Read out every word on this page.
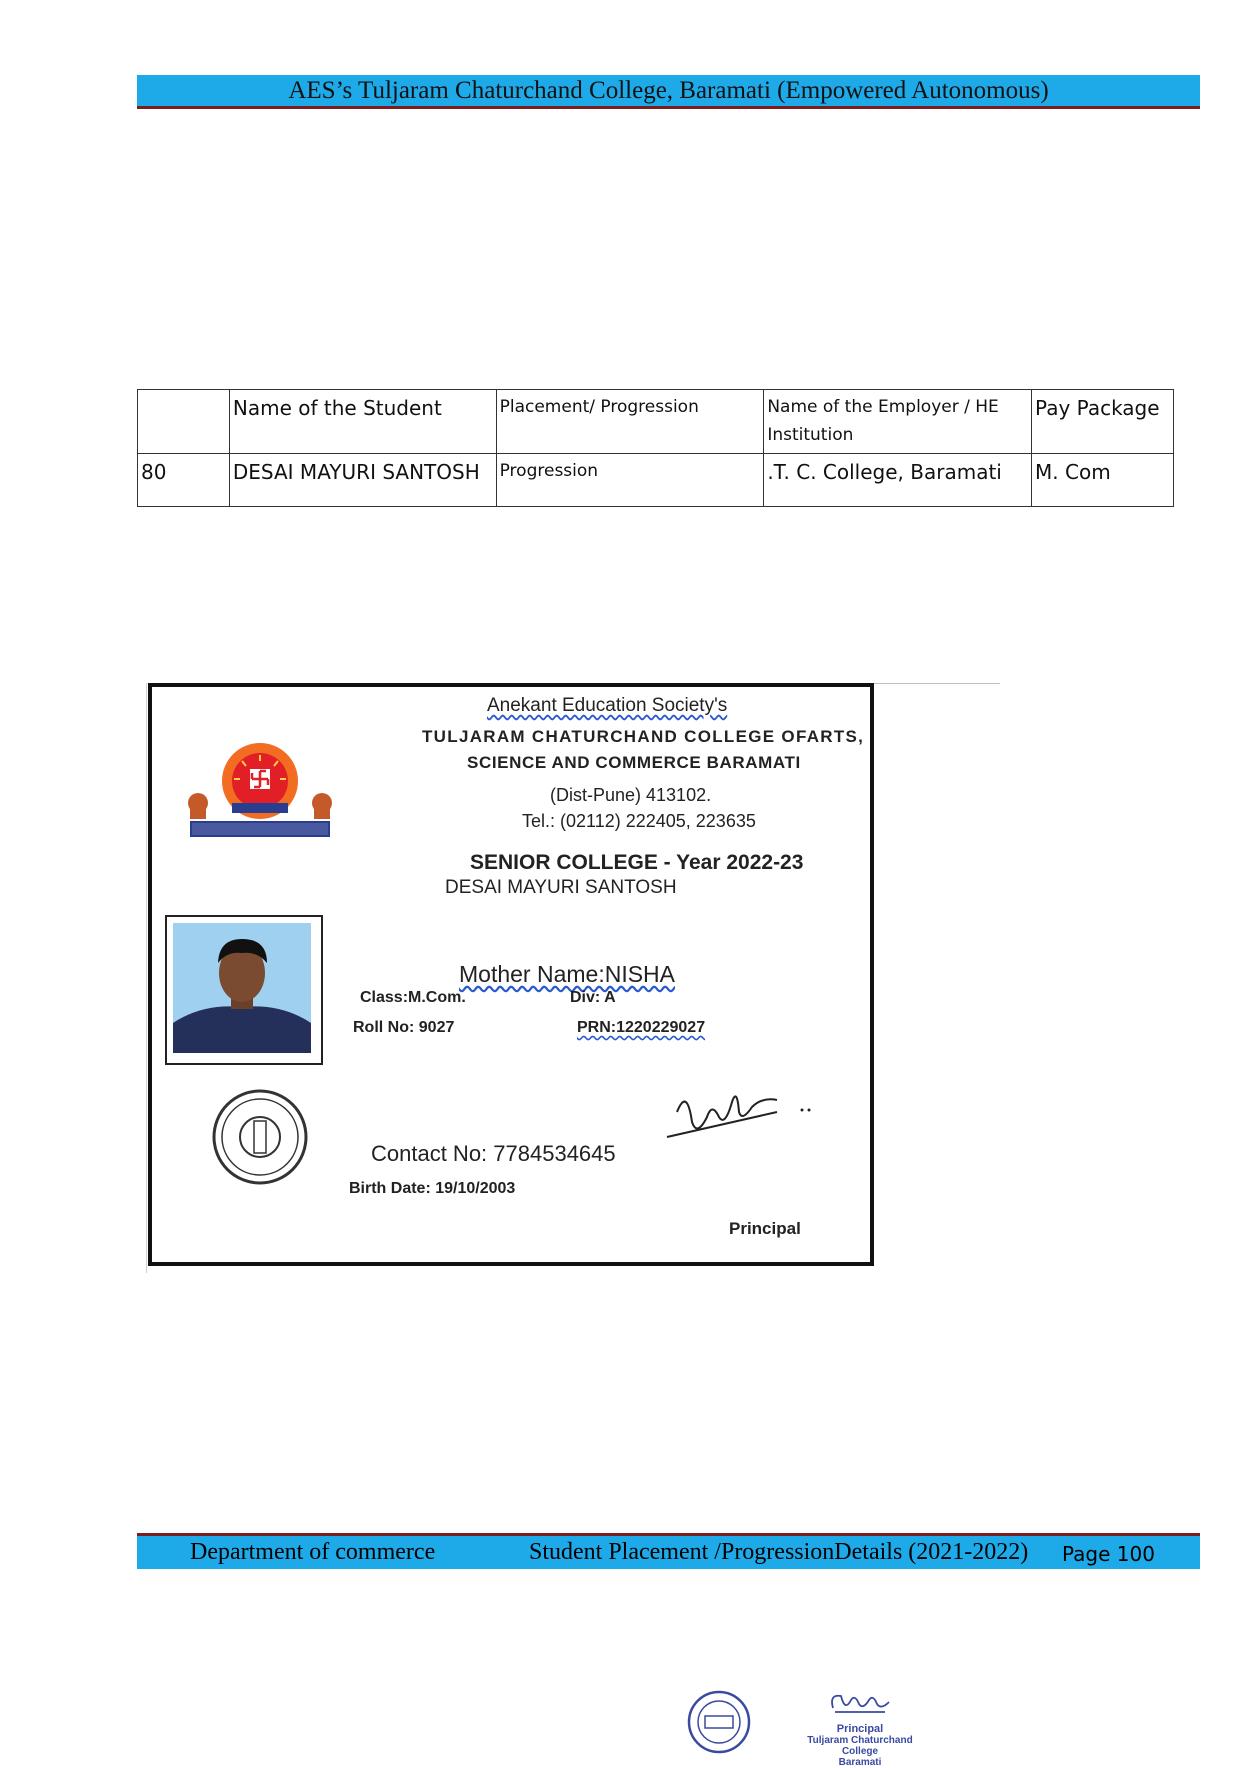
AES’s Tuljaram Chaturchand College, Baramati (Empowered Autonomous)
	Name of the Student	Placement/ Progression	Name of the Employer / HE Institution	Pay Package
80	DESAI MAYURI SANTOSH	Progression	.T. C. College, Baramati	M. Com
Anekant Education Society's
TULJARAM CHATURCHAND COLLEGE OFARTS,
SCIENCE AND COMMERCE BARAMATI
(Dist-Pune) 413102.
Tel.: (02112) 222405, 223635
SENIOR COLLEGE - Year 2022-23
DESAI MAYURI SANTOSH
Mother Name:NISHA
Class:M.Com.	Div: A
Roll No: 9027	PRN:1220229027
Contact No: 7784534645
Birth Date: 19/10/2003
Principal
Department of commerce	Student Placement /ProgressionDetails (2021-2022) Page 100
Principal
Tuljaram Chaturchand College
Baramati
